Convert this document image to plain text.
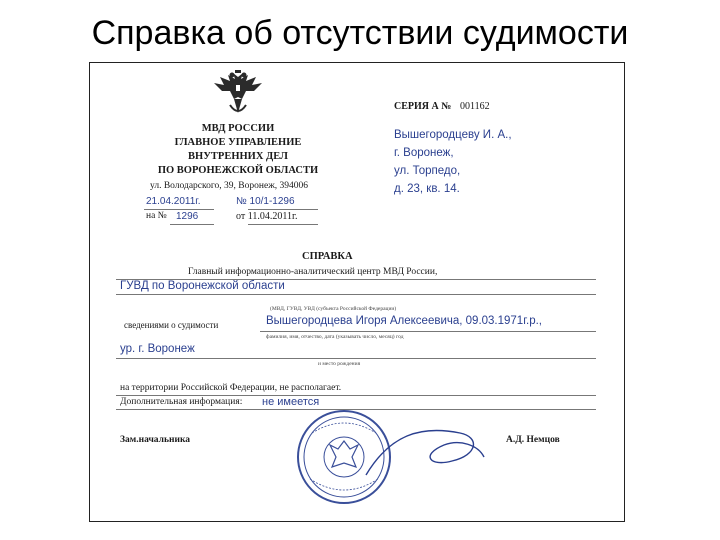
Справка об отсутствии судимости
МВД РОССИИ
ГЛАВНОЕ УПРАВЛЕНИЕ
ВНУТРЕННИХ ДЕЛ
ПО ВОРОНЕЖСКОЙ ОБЛАСТИ
ул. Володарского, 39, Воронеж, 394006
21.04.2011г.	№ 10/1-1296
на № 1296	от 11.04.2011г.
СЕРИЯ А № 001162
Вышегородцеву И. А.,
г. Воронеж,
ул. Торпедо,
д. 23, кв. 14.
СПРАВКА
Главный информационно-аналитический центр МВД России,
ГУВД по Воронежской области
(МВД, ГУВД, УВД (субъекта Российской Федерации)
сведениями о судимости	Вышегородцева Игоря Алексеевича, 09.03.1971г.р.,
фамилия, имя, отчество, дата (указывать число, месяц) год
ур. г. Воронеж
и место рождения
на территории Российской Федерации, не располагает.
Дополнительная информация: не имеется
Зам.начальника	А.Д. Немцов
